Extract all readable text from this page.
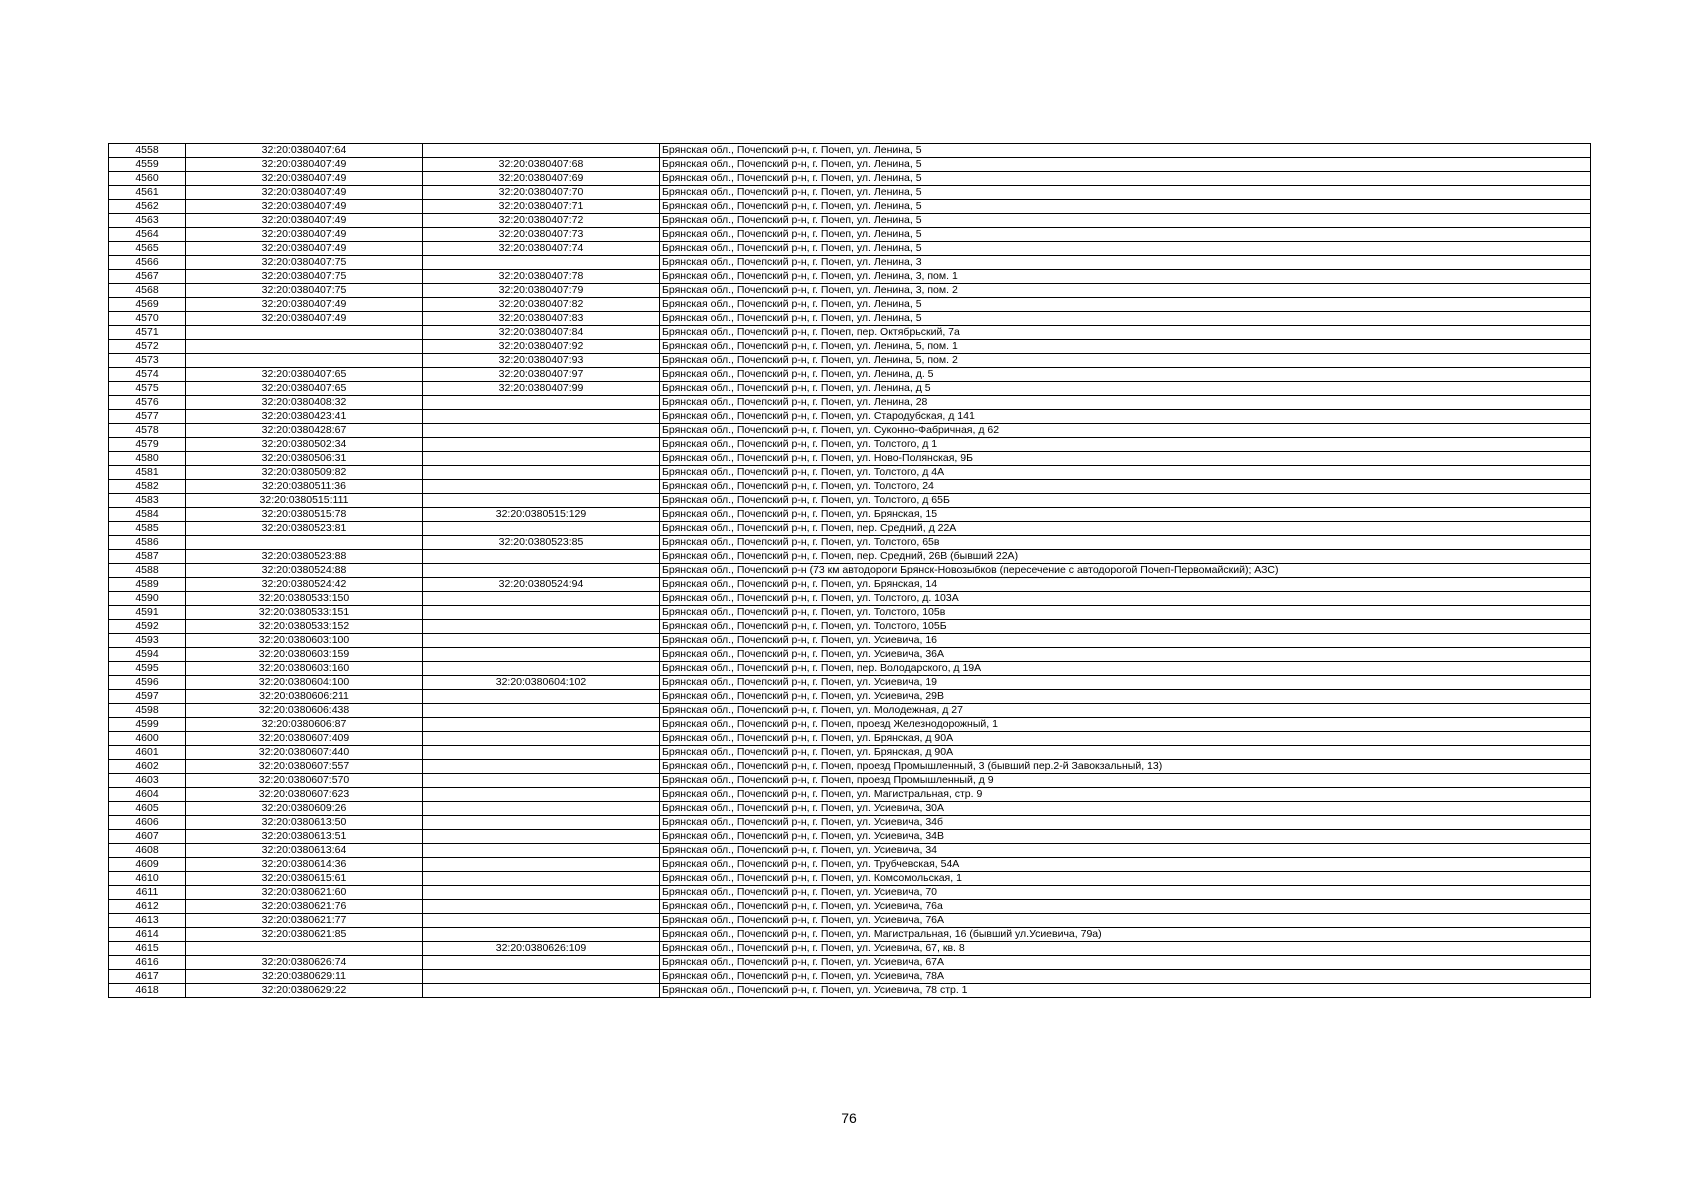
4558	32:20:0380407:64		Брянская обл., Почепский р-н, г. Почеп, ул. Ленина, 5
4559	32:20:0380407:49	32:20:0380407:68	Брянская обл., Почепский р-н, г. Почеп, ул. Ленина, 5
4560	32:20:0380407:49	32:20:0380407:69	Брянская обл., Почепский р-н, г. Почеп, ул. Ленина, 5
4561	32:20:0380407:49	32:20:0380407:70	Брянская обл., Почепский р-н, г. Почеп, ул. Ленина, 5
4562	32:20:0380407:49	32:20:0380407:71	Брянская обл., Почепский р-н, г. Почеп, ул. Ленина, 5
4563	32:20:0380407:49	32:20:0380407:72	Брянская обл., Почепский р-н, г. Почеп, ул. Ленина, 5
4564	32:20:0380407:49	32:20:0380407:73	Брянская обл., Почепский р-н, г. Почеп, ул. Ленина, 5
4565	32:20:0380407:49	32:20:0380407:74	Брянская обл., Почепский р-н, г. Почеп, ул. Ленина, 5
4566	32:20:0380407:75		Брянская обл., Почепский р-н, г. Почеп, ул. Ленина, 3
4567	32:20:0380407:75	32:20:0380407:78	Брянская обл., Почепский р-н, г. Почеп, ул. Ленина, 3, пом. 1
4568	32:20:0380407:75	32:20:0380407:79	Брянская обл., Почепский р-н, г. Почеп, ул. Ленина, 3, пом. 2
4569	32:20:0380407:49	32:20:0380407:82	Брянская обл., Почепский р-н, г. Почеп, ул. Ленина, 5
4570	32:20:0380407:49	32:20:0380407:83	Брянская обл., Почепский р-н, г. Почеп, ул. Ленина, 5
4571		32:20:0380407:84	Брянская обл., Почепский р-н, г. Почеп, пер. Октябрьский, 7а
4572		32:20:0380407:92	Брянская обл., Почепский р-н, г. Почеп, ул. Ленина, 5, пом. 1
4573		32:20:0380407:93	Брянская обл., Почепский р-н, г. Почеп, ул. Ленина, 5, пом. 2
4574	32:20:0380407:65	32:20:0380407:97	Брянская обл., Почепский р-н, г. Почеп, ул. Ленина, д. 5
4575	32:20:0380407:65	32:20:0380407:99	Брянская обл., Почепский р-н, г. Почеп, ул. Ленина, д 5
4576	32:20:0380408:32		Брянская обл., Почепский р-н, г. Почеп, ул. Ленина, 28
4577	32:20:0380423:41		Брянская обл., Почепский р-н, г. Почеп, ул. Стародубская, д 141
4578	32:20:0380428:67		Брянская обл., Почепский р-н, г. Почеп, ул. Суконно-Фабричная, д 62
4579	32:20:0380502:34		Брянская обл., Почепский р-н, г. Почеп, ул. Толстого, д 1
4580	32:20:0380506:31		Брянская обл., Почепский р-н, г. Почеп, ул. Ново-Полянская, 9Б
4581	32:20:0380509:82		Брянская обл., Почепский р-н, г. Почеп, ул. Толстого, д 4А
4582	32:20:0380511:36		Брянская обл., Почепский р-н, г. Почеп, ул. Толстого, 24
4583	32:20:0380515:111		Брянская обл., Почепский р-н, г. Почеп, ул. Толстого, д 65Б
4584	32:20:0380515:78	32:20:0380515:129	Брянская обл., Почепский р-н, г. Почеп, ул. Брянская, 15
4585	32:20:0380523:81		Брянская обл., Почепский р-н, г. Почеп, пер. Средний, д 22А
4586		32:20:0380523:85	Брянская обл., Почепский р-н, г. Почеп, ул. Толстого, 65в
4587	32:20:0380523:88		Брянская обл., Почепский р-н, г. Почеп, пер. Средний, 26В (бывший 22А)
4588	32:20:0380524:88		Брянская обл., Почепский р-н (73 км автодороги Брянск-Новозыбков (пересечение с автодорогой Почеп-Первомайский); АЗС)
4589	32:20:0380524:42	32:20:0380524:94	Брянская обл., Почепский р-н, г. Почеп, ул. Брянская, 14
4590	32:20:0380533:150		Брянская обл., Почепский р-н, г. Почеп, ул. Толстого, д. 103А
4591	32:20:0380533:151		Брянская обл., Почепский р-н, г. Почеп, ул. Толстого, 105в
4592	32:20:0380533:152		Брянская обл., Почепский р-н, г. Почеп, ул. Толстого, 105Б
4593	32:20:0380603:100		Брянская обл., Почепский р-н, г. Почеп, ул. Усиевича, 16
4594	32:20:0380603:159		Брянская обл., Почепский р-н, г. Почеп, ул. Усиевича, 36А
4595	32:20:0380603:160		Брянская обл., Почепский р-н, г. Почеп, пер. Володарского, д 19А
4596	32:20:0380604:100	32:20:0380604:102	Брянская обл., Почепский р-н, г. Почеп, ул. Усиевича, 19
4597	32:20:0380606:211		Брянская обл., Почепский р-н, г. Почеп, ул. Усиевича, 29В
4598	32:20:0380606:438		Брянская обл., Почепский р-н, г. Почеп, ул. Молодежная, д 27
4599	32:20:0380606:87		Брянская обл., Почепский р-н, г. Почеп, проезд Железнодорожный, 1
4600	32:20:0380607:409		Брянская обл., Почепский р-н, г. Почеп, ул. Брянская, д 90А
4601	32:20:0380607:440		Брянская обл., Почепский р-н, г. Почеп, ул. Брянская, д 90А
4602	32:20:0380607:557		Брянская обл., Почепский р-н, г. Почеп, проезд Промышленный, 3 (бывший пер.2-й Завокзальный, 13)
4603	32:20:0380607:570		Брянская обл., Почепский р-н, г. Почеп, проезд Промышленный, д 9
4604	32:20:0380607:623		Брянская обл., Почепский р-н, г. Почеп, ул. Магистральная, стр. 9
4605	32:20:0380609:26		Брянская обл., Почепский р-н, г. Почеп, ул. Усиевича, 30А
4606	32:20:0380613:50		Брянская обл., Почепский р-н, г. Почеп, ул. Усиевича, 34б
4607	32:20:0380613:51		Брянская обл., Почепский р-н, г. Почеп, ул. Усиевича, 34В
4608	32:20:0380613:64		Брянская обл., Почепский р-н, г. Почеп, ул. Усиевича, 34
4609	32:20:0380614:36		Брянская обл., Почепский р-н, г. Почеп, ул. Трубчевская, 54А
4610	32:20:0380615:61		Брянская обл., Почепский р-н, г. Почеп, ул. Комсомольская, 1
4611	32:20:0380621:60		Брянская обл., Почепский р-н, г. Почеп, ул. Усиевича, 70
4612	32:20:0380621:76		Брянская обл., Почепский р-н, г. Почеп, ул. Усиевича, 76а
4613	32:20:0380621:77		Брянская обл., Почепский р-н, г. Почеп, ул. Усиевича, 76А
4614	32:20:0380621:85		Брянская обл., Почепский р-н, г. Почеп, ул. Магистральная, 16 (бывший ул.Усиевича, 79а)
4615		32:20:0380626:109	Брянская обл., Почепский р-н, г. Почеп, ул. Усиевича, 67, кв. 8
4616	32:20:0380626:74		Брянская обл., Почепский р-н, г. Почеп, ул. Усиевича, 67А
4617	32:20:0380629:11		Брянская обл., Почепский р-н, г. Почеп, ул. Усиевича, 78А
4618	32:20:0380629:22		Брянская обл., Почепский р-н, г. Почеп, ул. Усиевича, 78 стр. 1
76
